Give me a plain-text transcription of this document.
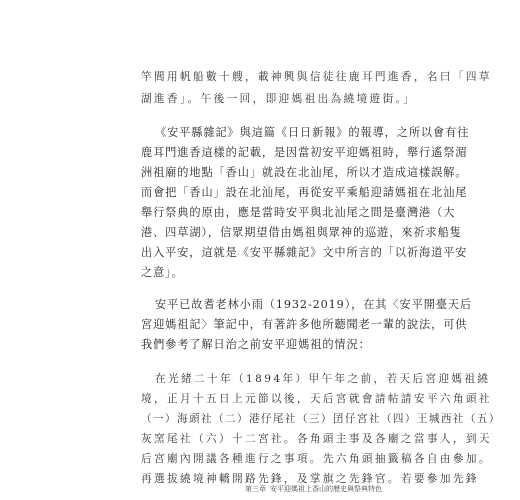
竿閭用帆船數十艘，載神興與信徒往鹿耳門進香，名曰「四草
湖進香」。午後一回，即迎媽祖出為繞境遊街。」
《安平縣雜記》與這篇《日日新報》的報導，之所以會有往
鹿耳門進香這樣的記載，是因當初安平迎媽祖時，舉行遙祭湄
洲祖廟的地點「香山」就設在北汕尾，所以才造成這樣誤解。
而會把「香山」設在北汕尾，再從安平乘船迎請媽祖在北汕尾
舉行祭典的原由，應是當時安平與北汕尾之間是臺灣港（大
港、四草湖），信眾期望借由媽祖與眾神的巡遊，來祈求船隻
出入平安，這就是《安平縣雜記》文中所言的「以祈海道平安
之意」。
安平已故耆老林小雨（1932-2019），在其〈安平開臺天后
宮迎媽祖記〉筆記中，有著許多他所聽聞老一輩的說法，可供
我們參考了解日治之前安平迎媽祖的情況：
在光緒二十年（1894年）甲午年之前，若天后宮迎媽祖繞
境，正月十五日上元節以後，天后宮就會請帖請安平六角頭社
（一）海頭社（二）港仔尾社（三）囝仔宮社（四）王城西社（五）
灰窯尾社（六）十二宮社。各角頭主事及各廟之當事人，到天
后宮廟內開議各種進行之事項。先六角頭抽籤稿各自由參加。
再選拔繞境神轎開路先鋒，及掌旗之先鋒官。若要參加先鋒
第三章 安平迎媽祖上香山的歷史與祭典特色
